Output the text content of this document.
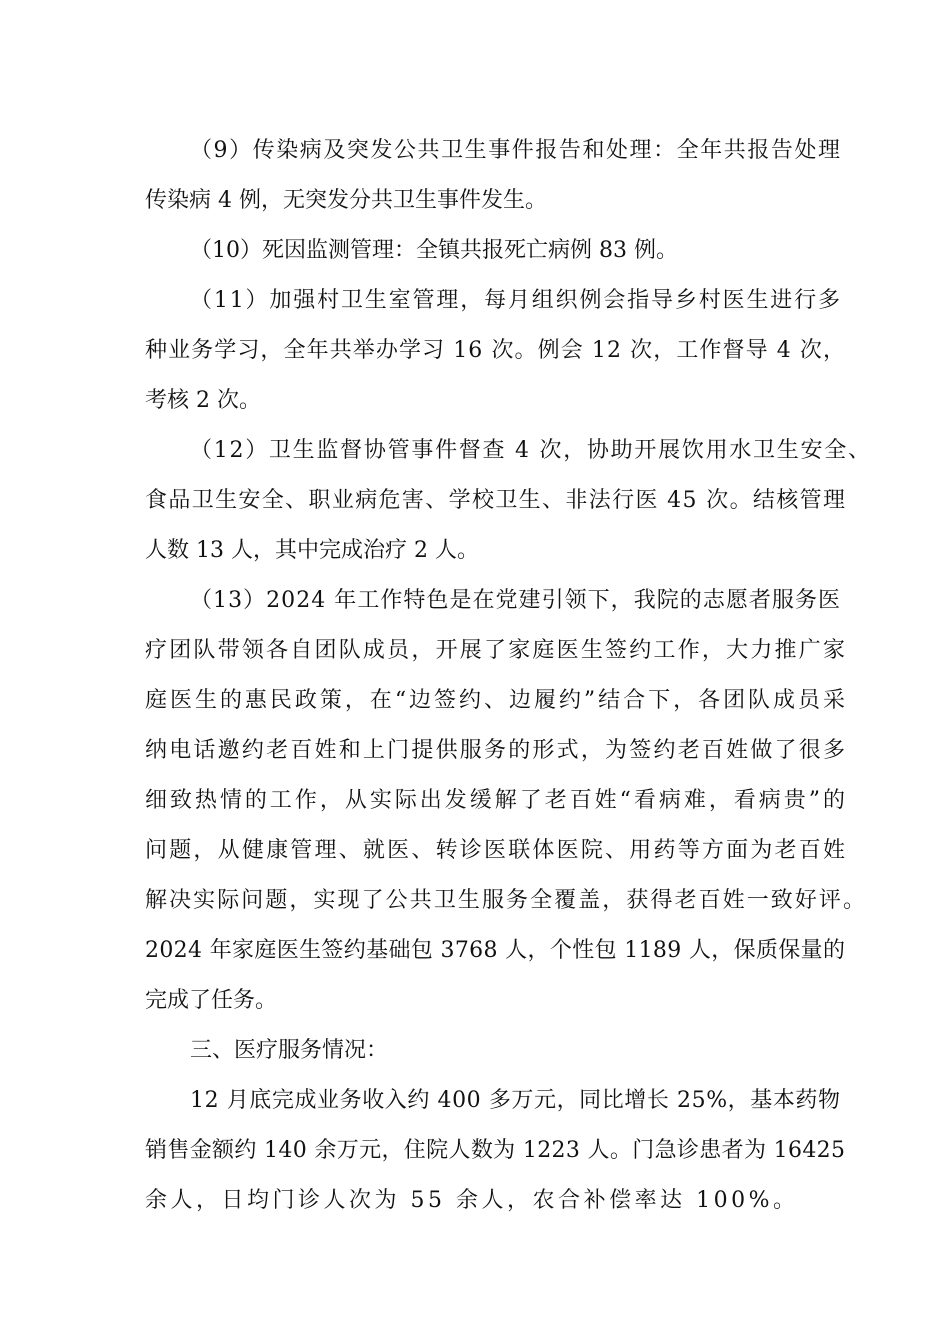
（9）传染病及突发公共卫生事件报告和处理：全年共报告处理
传染病 4 例，无突发分共卫生事件发生。
（10）死因监测管理：全镇共报死亡病例 83 例。
（11）加强村卫生室管理，每月组织例会指导乡村医生进行多
种业务学习，全年共举办学习 16 次。例会 12 次，工作督导 4 次，
考核 2 次。
（12）卫生监督协管事件督查 4 次，协助开展饮用水卫生安全、
食品卫生安全、职业病危害、学校卫生、非法行医 45 次。结核管理
人数 13 人，其中完成治疗 2 人。
（13）2024 年工作特色是在党建引领下，我院的志愿者服务医
疗团队带领各自团队成员，开展了家庭医生签约工作，大力推广家
庭医生的惠民政策，在“边签约、边履约”结合下，各团队成员采
纳电话邀约老百姓和上门提供服务的形式，为签约老百姓做了很多
细致热情的工作，从实际出发缓解了老百姓“看病难，看病贵”的
问题，从健康管理、就医、转诊医联体医院、用药等方面为老百姓
解决实际问题，实现了公共卫生服务全覆盖，获得老百姓一致好评。
2024 年家庭医生签约基础包 3768 人，个性包 1189 人，保质保量的
完成了任务。
三、医疗服务情况：
12 月底完成业务收入约 400 多万元，同比增长 25%，基本药物
销售金额约 140 余万元，住院人数为 1223 人。门急诊患者为 16425
余人，日均门诊人次为 55 余人，农合补偿率达 100%。
